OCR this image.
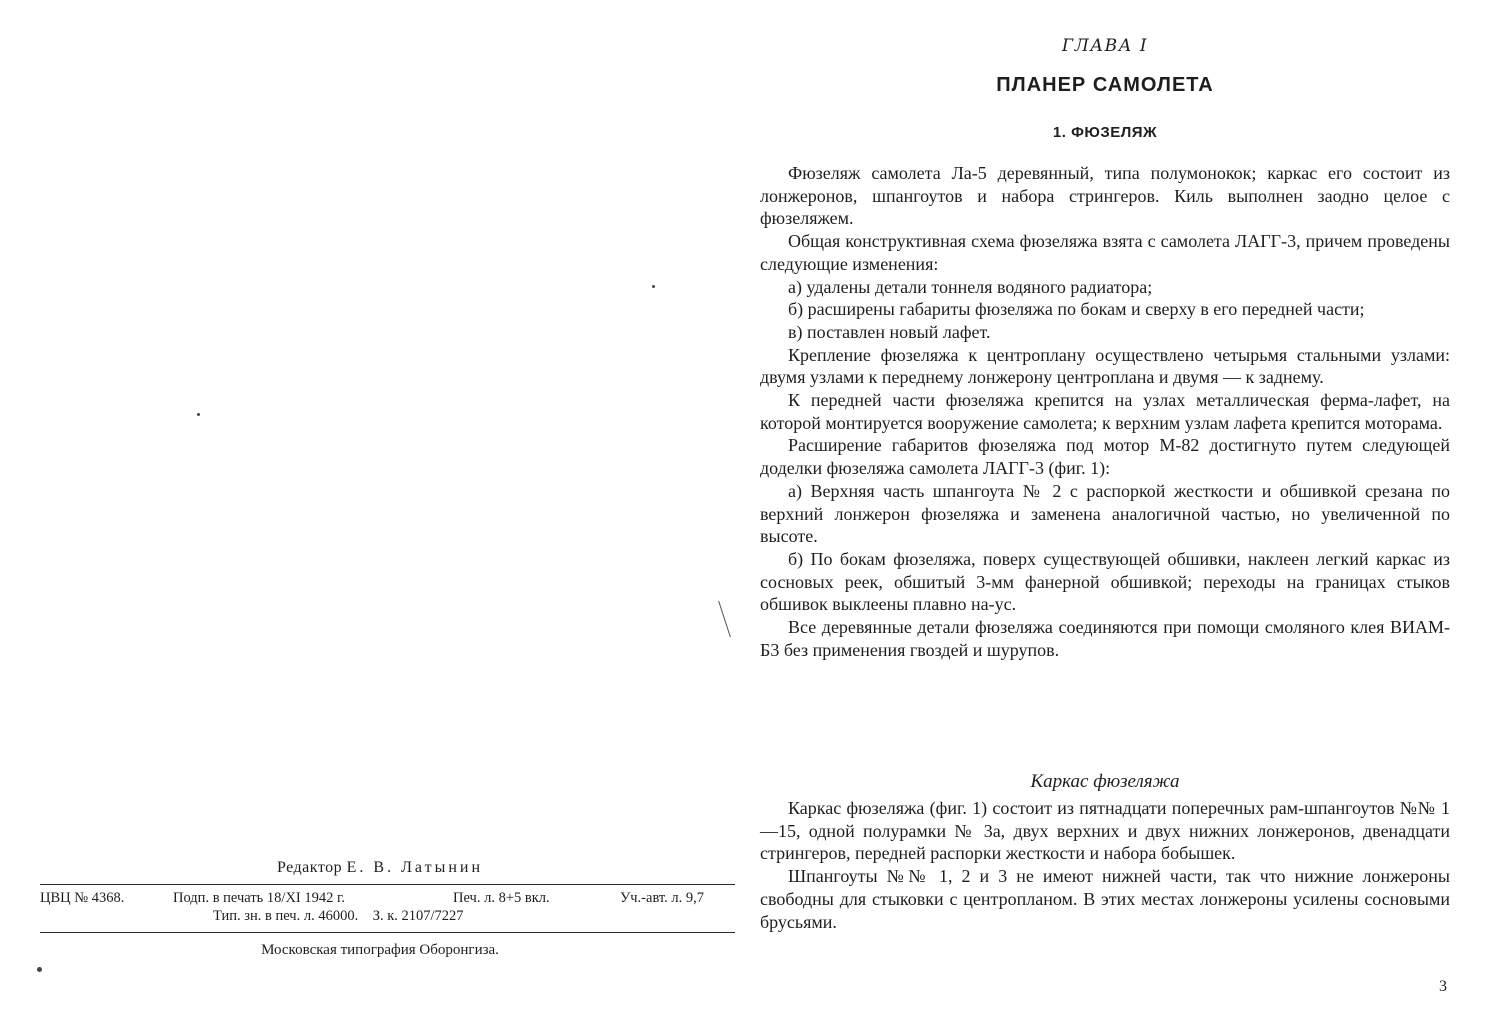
Редактор Е. В. Латынин
ЦВЦ № 4368.	Подп. в печать 18/XI 1942 г.	Печ. л. 8+5 вкл.	Уч.-авт. л. 9,7
Тип. зн. в печ. л. 46000. З. к. 2107/7227
Московская типография Оборонгиза.
ГЛАВА I
ПЛАНЕР САМОЛЕТА
1. ФЮЗЕЛЯЖ

Фюзеляж самолета Ла-5 деревянный, типа полумонокок; каркас его состоит из лонжеронов, шпангоутов и набора стрингеров. Киль выполнен заодно целое с фюзеляжем.

Общая конструктивная схема фюзеляжа взята с самолета ЛАГГ-3, причем проведены следующие изменения:

а) удалены детали тоннеля водяного радиатора;

б) расширены габариты фюзеляжа по бокам и сверху в его передней части;

в) поставлен новый лафет.

Крепление фюзеляжа к центроплану осуществлено четырьмя стальными узлами: двумя узлами к переднему лонжерону центроплана и двумя — к заднему.

К передней части фюзеляжа крепится на узлах металлическая ферма-лафет, на которой монтируется вооружение самолета; к верхним узлам лафета крепится моторама.

Расширение габаритов фюзеляжа под мотор М-82 достигнуто путем следующей доделки фюзеляжа самолета ЛАГГ-3 (фиг. 1):

а) Верхняя часть шпангоута № 2 с распоркой жесткости и обшивкой срезана по верхний лонжерон фюзеляжа и заменена аналогичной частью, но увеличенной по высоте.

б) По бокам фюзеляжа, поверх существующей обшивки, наклеен легкий каркас из сосновых реек, обшитый 3-мм фанерной обшивкой; переходы на границах стыков обшивок выклеены плавно на-ус.

Все деревянные детали фюзеляжа соединяются при помощи смоляного клея ВИАМ-Б3 без применения гвоздей и шурупов.

Каркас фюзеляжа

Каркас фюзеляжа (фиг. 1) состоит из пятнадцати поперечных рам-шпангоутов №№ 1—15, одной полурамки № 3а, двух верхних и двух нижних лонжеронов, двенадцати стрингеров, передней распорки жесткости и набора бобышек.

Шпангоуты №№ 1, 2 и 3 не имеют нижней части, так что нижние лонжероны свободны для стыковки с центропланом. В этих местах лонжероны усилены сосновыми брусьями.

3
